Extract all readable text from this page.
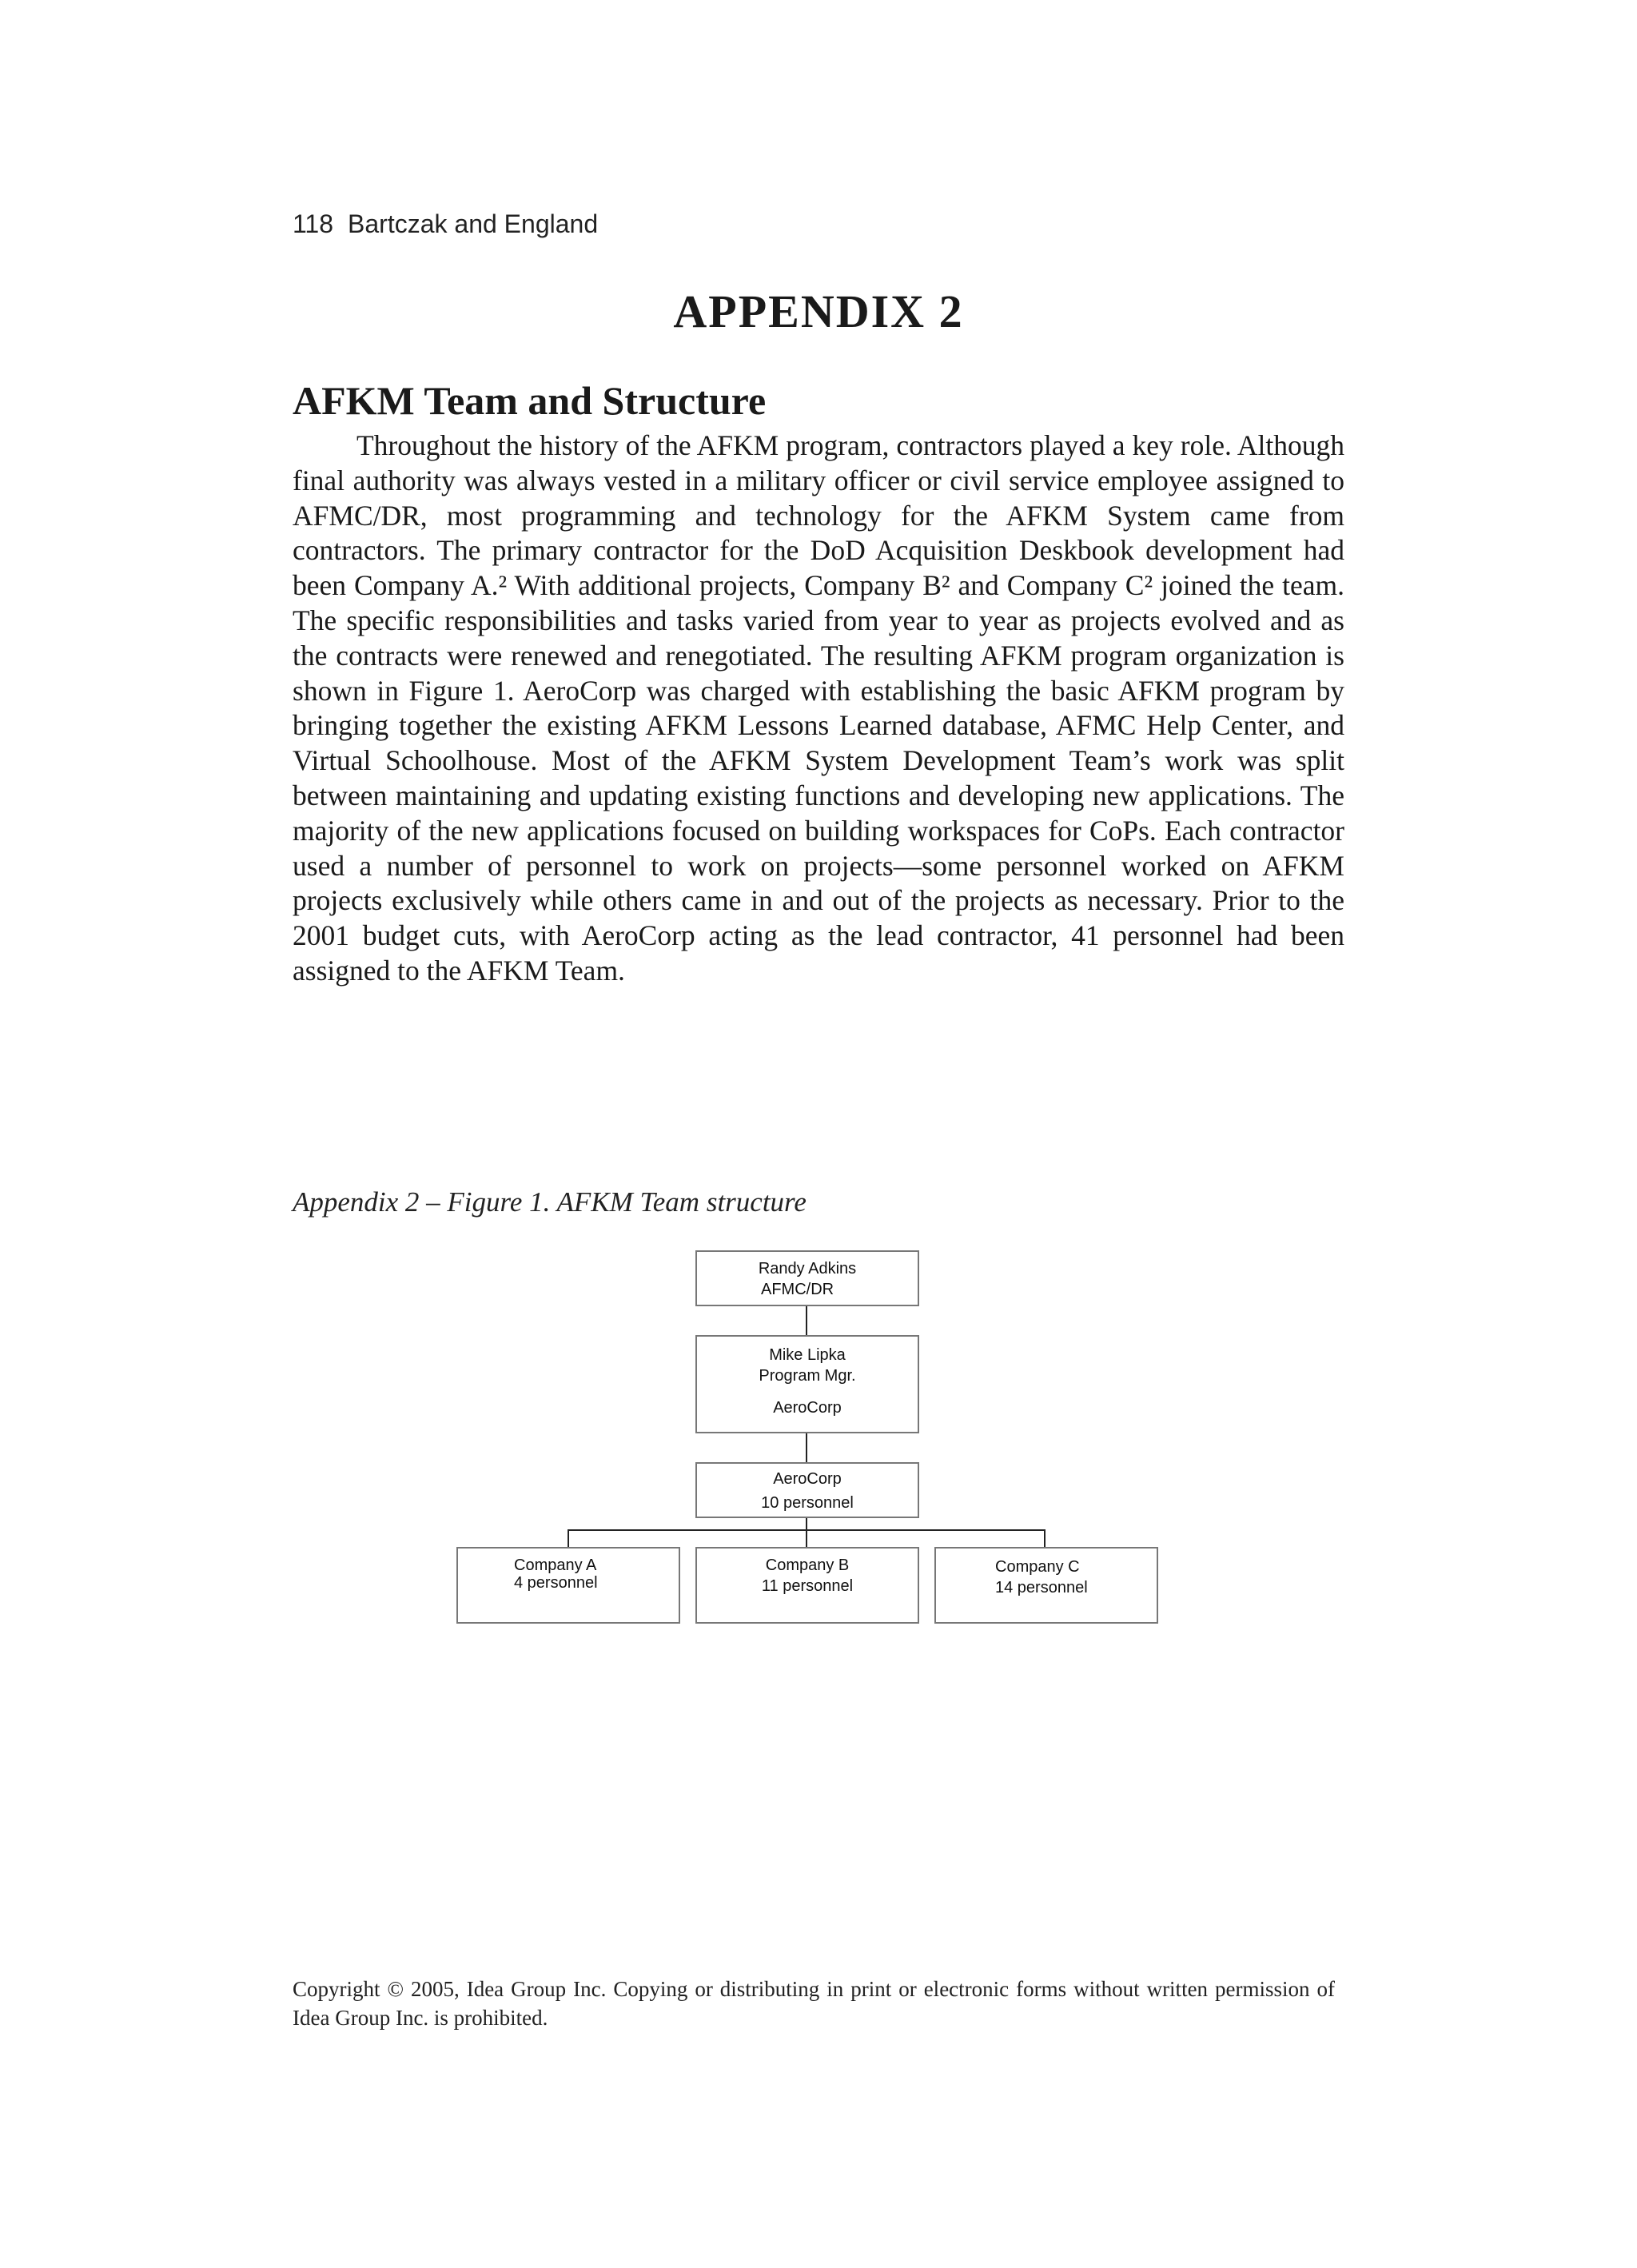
118 Bartczak and England
APPENDIX 2
AFKM Team and Structure

Throughout the history of the AFKM program, contractors played a key role. Although final authority was always vested in a military officer or civil service employee assigned to AFMC/DR, most programming and technology for the AFKM System came from contractors. The primary contractor for the DoD Acquisition Deskbook development had been Company A.² With additional projects, Company B² and Company C² joined the team. The specific responsibilities and tasks varied from year to year as projects evolved and as the contracts were renewed and renegotiated. The resulting AFKM program organization is shown in Figure 1. AeroCorp was charged with establishing the basic AFKM program by bringing together the existing AFKM Lessons Learned database, AFMC Help Center, and Virtual Schoolhouse. Most of the AFKM System Development Team’s work was split between maintaining and updating existing functions and developing new applications. The majority of the new applications focused on building workspaces for CoPs. Each contractor used a number of personnel to work on projects—some personnel worked on AFKM projects exclusively while others came in and out of the projects as necessary. Prior to the 2001 budget cuts, with AeroCorp acting as the lead contractor, 41 personnel had been assigned to the AFKM Team.

Appendix 2 – Figure 1. AFKM Team structure
Randy Adkins
AFMC/DR
Mike Lipka
Program Mgr.
AeroCorp
AeroCorp
10 personnel
Company A
4 personnel
Company B
11 personnel
Company C
14 personnel
Copyright © 2005, Idea Group Inc. Copying or distributing in print or electronic forms without written permission of Idea Group Inc. is prohibited.
